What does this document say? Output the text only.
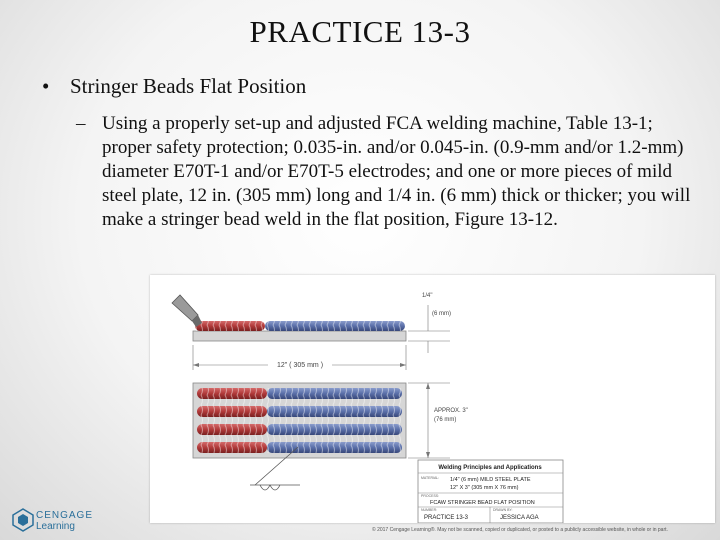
PRACTICE 13-3
• Stringer Beads Flat Position
– Using a properly set-up and adjusted FCA welding machine, Table 13-1; proper safety protection; 0.035-in. and/or 0.045-in. (0.9-mm and/or 1.2-mm) diameter E70T-1 and/or E70T-5 electrodes; and one or more pieces of mild steel plate, 12 in. (305 mm) long and 1/4 in. (6 mm) thick or thicker; you will make a stringer bead weld in the flat position, Figure 13-12.
1/4"
(6 mm)
12" ( 305 mm )
APPROX. 3"
(76 mm)
Welding Principles and Applications
MATERIAL: 1/4" (6 mm) MILD STEEL PLATE
12" X 3" (305 mm X 76 mm)
PROCESS:
FCAW STRINGER BEAD FLAT POSITION
NUMBER:
PRACTICE 13-3
DRAWN BY:
JESSICA AGA
© 2017 Cengage Learning®. May not be scanned, copied or duplicated, or posted to a publicly accessible website, in whole or in part.
CENGAGE
Learning
